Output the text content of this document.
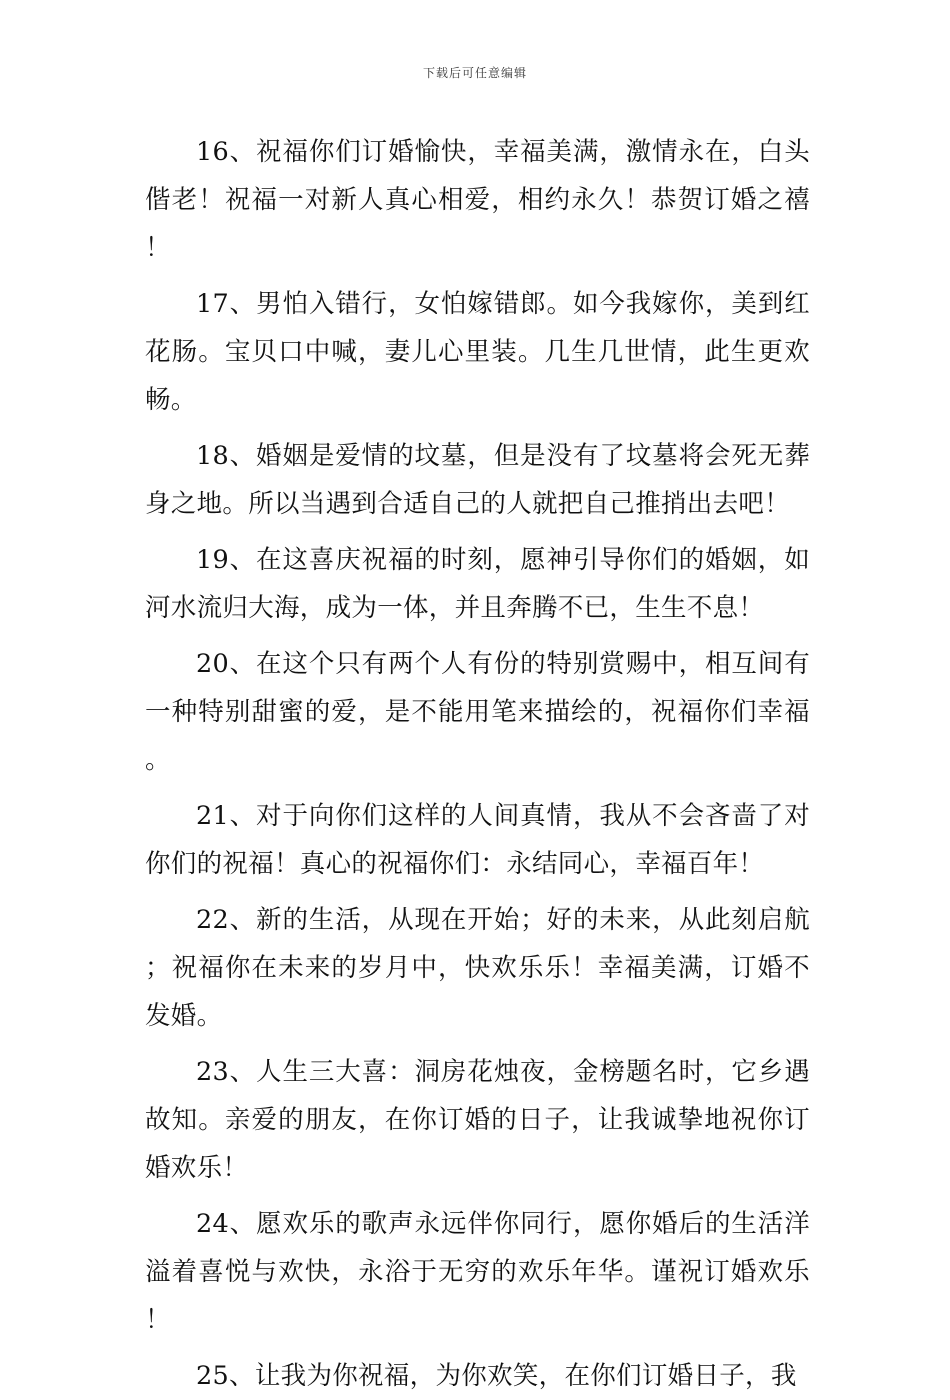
下载后可任意编辑

16、祝福你们订婚愉快，幸福美满，激情永在，白头偕老！祝福一对新人真心相爱，相约永久！恭贺订婚之禧！

17、男怕入错行，女怕嫁错郎。如今我嫁你，美到红花肠。宝贝口中喊，妻儿心里装。几生几世情，此生更欢畅。

18、婚姻是爱情的坟墓，但是没有了坟墓将会死无葬身之地。所以当遇到合适自己的人就把自己推捎出去吧！

19、在这喜庆祝福的时刻，愿神引导你们的婚姻，如河水流归大海，成为一体，并且奔腾不已，生生不息！

20、在这个只有两个人有份的特别赏赐中，相互间有一种特别甜蜜的爱，是不能用笔来描绘的，祝福你们幸福。

21、对于向你们这样的人间真情，我从不会吝啬了对你们的祝福！真心的祝福你们：永结同心，幸福百年！

22、新的生活，从现在开始；好的未来，从此刻启航；祝福你在未来的岁月中，快欢乐乐！幸福美满，订婚不发婚。

23、人生三大喜：洞房花烛夜，金榜题名时，它乡遇故知。亲爱的朋友，在你订婚的日子，让我诚挚地祝你订婚欢乐！

24、愿欢乐的歌声永远伴你同行，愿你婚后的生活洋溢着喜悦与欢快，永浴于无穷的欢乐年华。谨祝订婚欢乐！

25、让我为你祝福，为你欢笑，在你们订婚日子，我
